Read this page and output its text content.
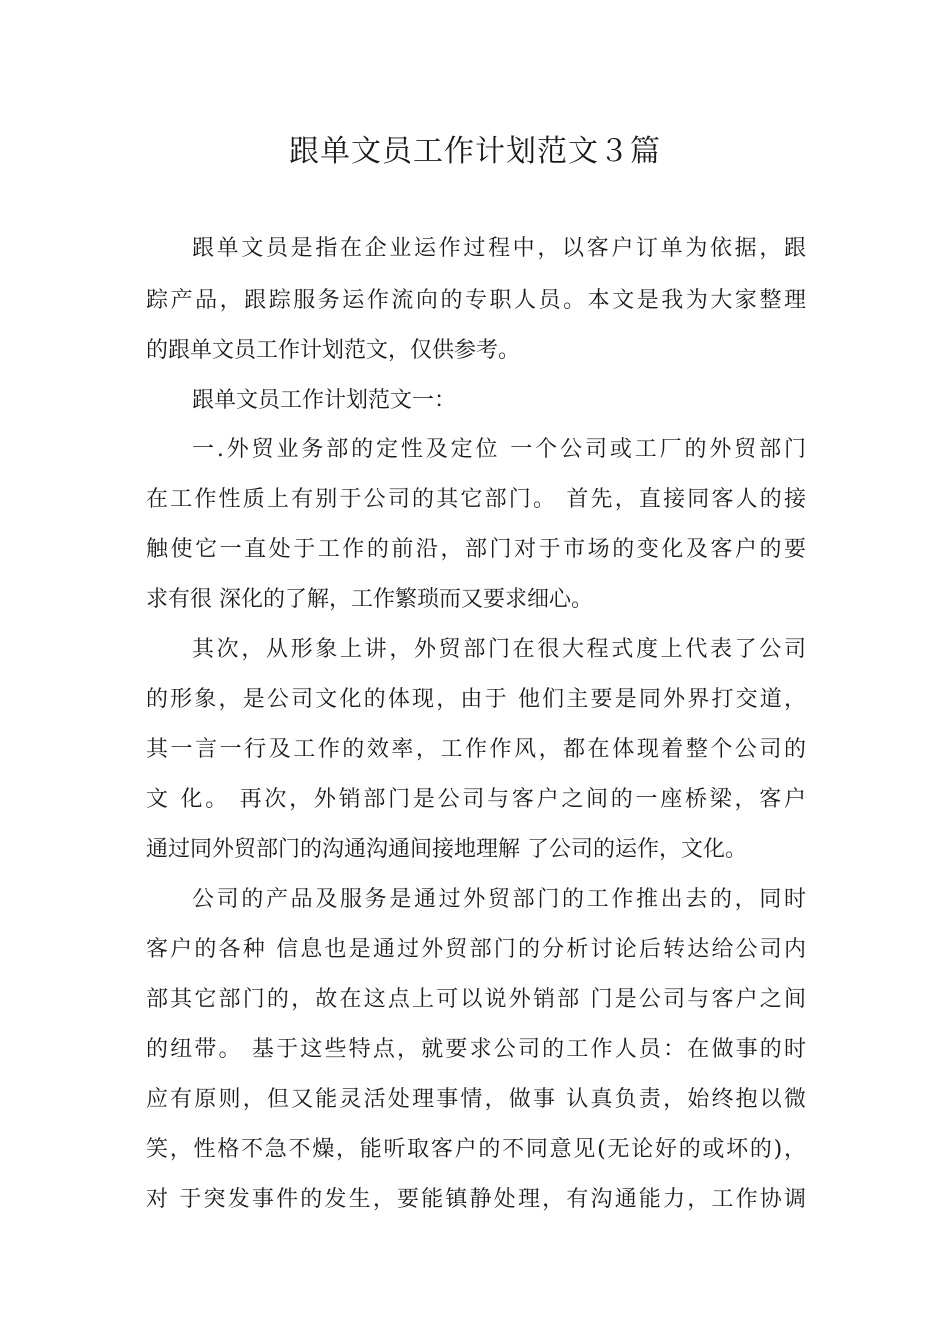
跟单文员工作计划范文３篇
跟单文员是指在企业运作过程中，以客户订单为依据，跟
踪产品，跟踪服务运作流向的专职人员。本文是我为大家整理
的跟单文员工作计划范文，仅供参考。
跟单文员工作计划范文一：
一.外贸业务部的定性及定位 一个公司或工厂的外贸部门
在工作性质上有别于公司的其它部门。 首先，直接同客人的接
触使它一直处于工作的前沿，部门对于市场的变化及客户的要
求有很 深化的了解，工作繁琐而又要求细心。
其次，从形象上讲，外贸部门在很大程式度上代表了公司
的形象，是公司文化的体现，由于 他们主要是同外界打交道，
其一言一行及工作的效率，工作作风，都在体现着整个公司的
文 化。 再次，外销部门是公司与客户之间的一座桥梁，客户
通过同外贸部门的沟通沟通间接地理解 了公司的运作，文化。
公司的产品及服务是通过外贸部门的工作推出去的，同时
客户的各种 信息也是通过外贸部门的分析讨论后转达给公司内
部其它部门的，故在这点上可以说外销部 门是公司与客户之间
的纽带。 基于这些特点，就要求公司的工作人员：在做事的时
应有原则，但又能灵活处理事情，做事 认真负责，始终抱以微
笑，性格不急不燥，能听取客户的不同意见(无论好的或坏的)，
对 于突发事件的发生，要能镇静处理，有沟通能力，工作协调
